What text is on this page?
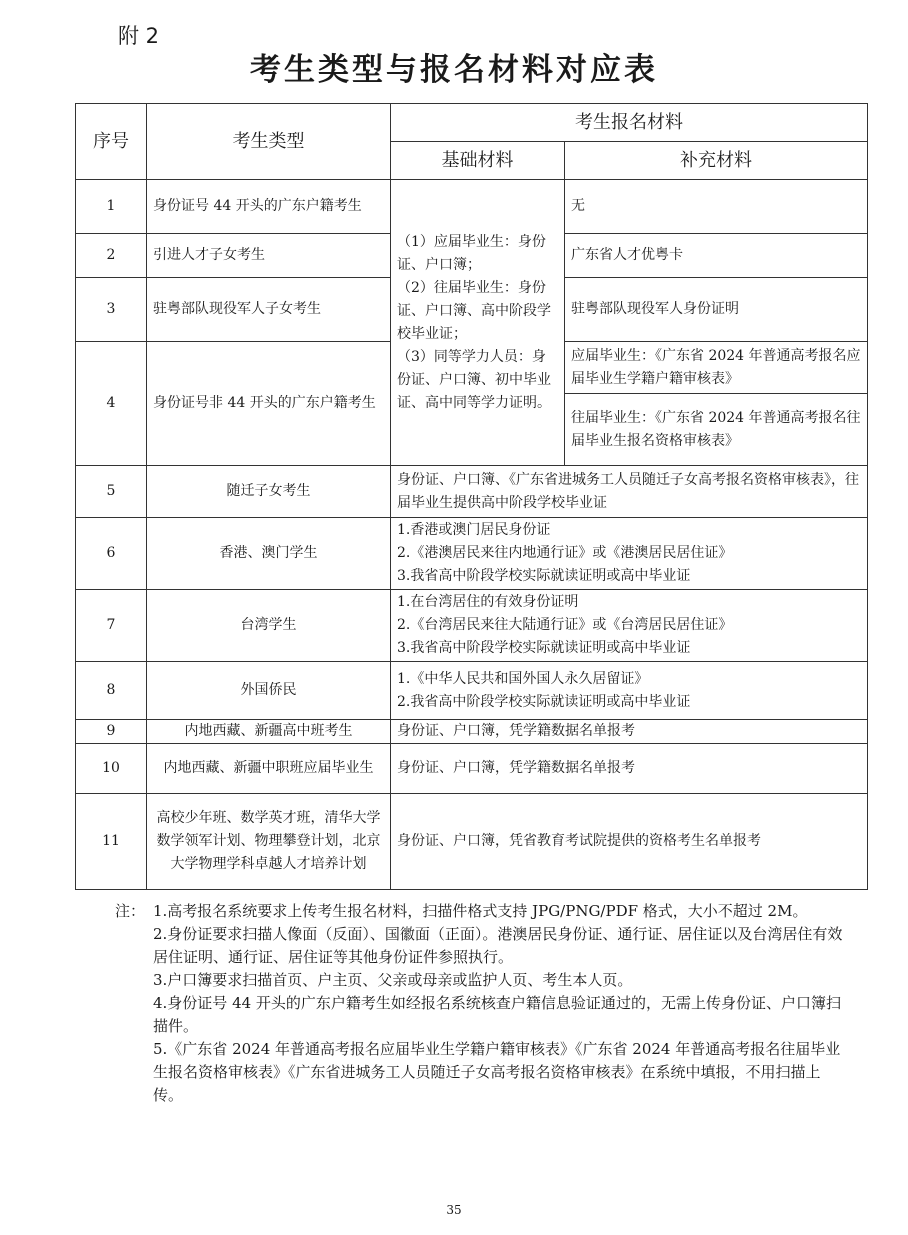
附 2
考生类型与报名材料对应表
序号	考生类型	考生报名材料	
		基础材料	补充材料
1	身份证号 44 开头的广东户籍考生	（1）应届毕业生：身份证、户口簿；
（2）往届毕业生：身份证、户口簿、高中阶段学校毕业证；
（3）同等学力人员：身份证、户口簿、初中毕业证、高中同等学力证明。	无
2	引进人才子女考生		广东省人才优粤卡
3	驻粤部队现役军人子女考生		驻粤部队现役军人身份证明
4	身份证号非 44 开头的广东户籍考生		应届毕业生：《广东省 2024 年普通高考报名应届毕业生学籍户籍审核表》
			往届毕业生：《广东省 2024 年普通高考报名往届毕业生报名资格审核表》
5	随迁子女考生	身份证、户口簿、《广东省进城务工人员随迁子女高考报名资格审核表》，往届毕业生提供高中阶段学校毕业证	

6	香港、澳门学生	1.香港或澳门居民身份证
2.《港澳居民来往内地通行证》或《港澳居民居住证》
3.我省高中阶段学校实际就读证明或高中毕业证	

7	台湾学生	1.在台湾居住的有效身份证明
2.《台湾居民来往大陆通行证》或《台湾居民居住证》
3.我省高中阶段学校实际就读证明或高中毕业证	

8	外国侨民	1.《中华人民共和国外国人永久居留证》
2.我省高中阶段学校实际就读证明或高中毕业证	

9	内地西藏、新疆高中班考生	身份证、户口簿，凭学籍数据名单报考	

10	内地西藏、新疆中职班应届毕业生	身份证、户口簿，凭学籍数据名单报考	

11	高校少年班、数学英才班，清华大学数学领军计划、物理攀登计划，北京大学物理学科卓越人才培养计划	身份证、户口簿，凭省教育考试院提供的资格考生名单报考	
注： 1.高考报名系统要求上传考生报名材料，扫描件格式支持 JPG/PNG/PDF 格式，大小不超过 2M。
2.身份证要求扫描人像面（反面）、国徽面（正面）。港澳居民身份证、通行证、居住证以及台湾居住有效居住证明、通行证、居住证等其他身份证件参照执行。
3.户口簿要求扫描首页、户主页、父亲或母亲或监护人页、考生本人页。
4.身份证号 44 开头的广东户籍考生如经报名系统核查户籍信息验证通过的，无需上传身份证、户口簿扫描件。
5.《广东省 2024 年普通高考报名应届毕业生学籍户籍审核表》《广东省 2024 年普通高考报名往届毕业生报名资格审核表》《广东省进城务工人员随迁子女高考报名资格审核表》在系统中填报，不用扫描上传。
35
